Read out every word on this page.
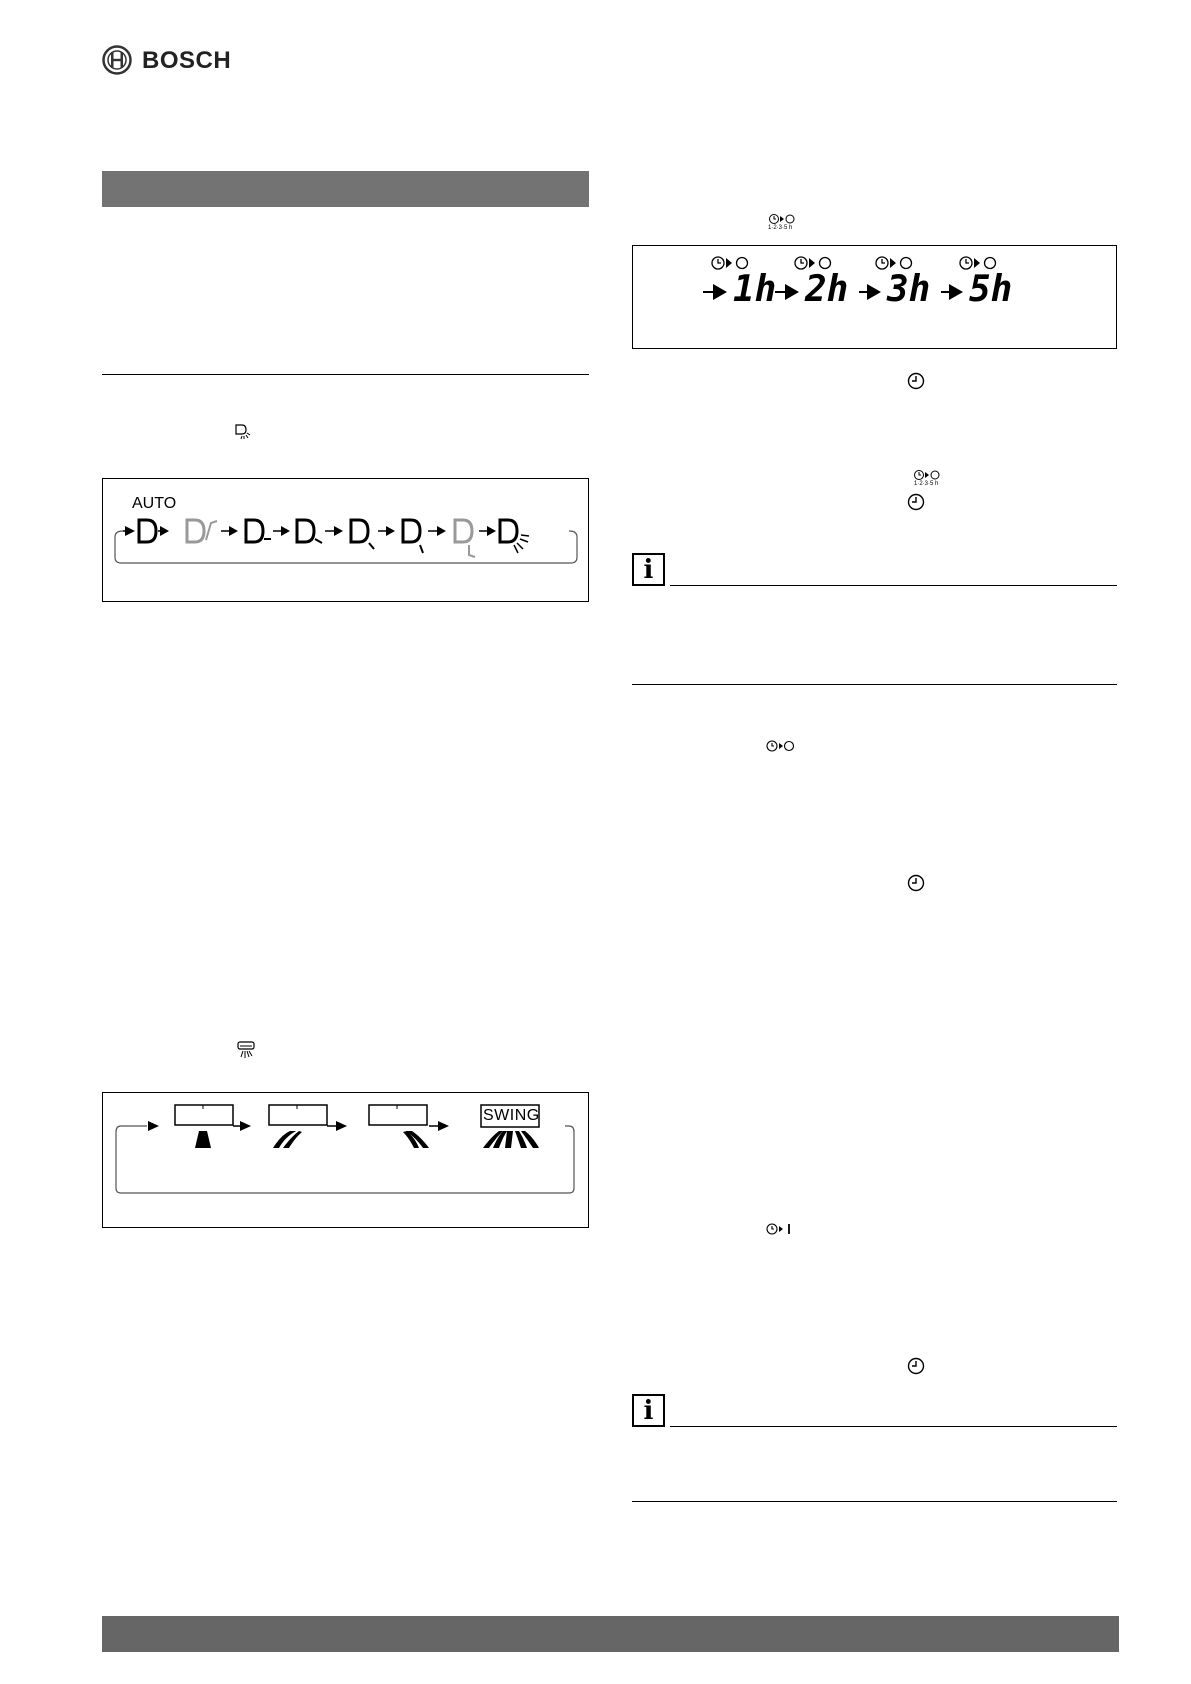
BOSCH
AUTO
SWING
1·2·3·5 h
1h 2h 3h 5h
1·2·3·5 h
i
i
